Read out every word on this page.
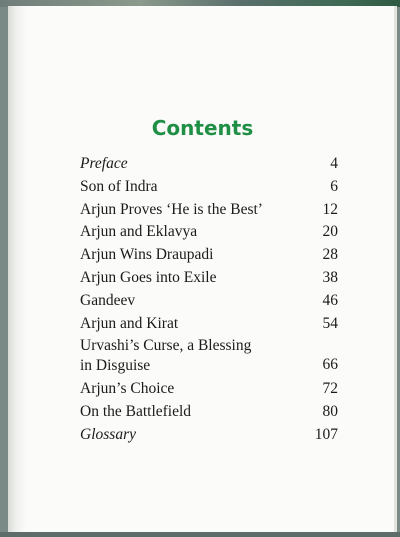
Contents
Preface	4
Son of Indra	6
Arjun Proves ‘He is the Best’	12
Arjun and Eklavya	20
Arjun Wins Draupadi	28
Arjun Goes into Exile	38
Gandeev	46
Arjun and Kirat	54
Urvashi’s Curse, a Blessing
in Disguise	66
Arjun’s Choice	72
On the Battlefield	80
Glossary	107
